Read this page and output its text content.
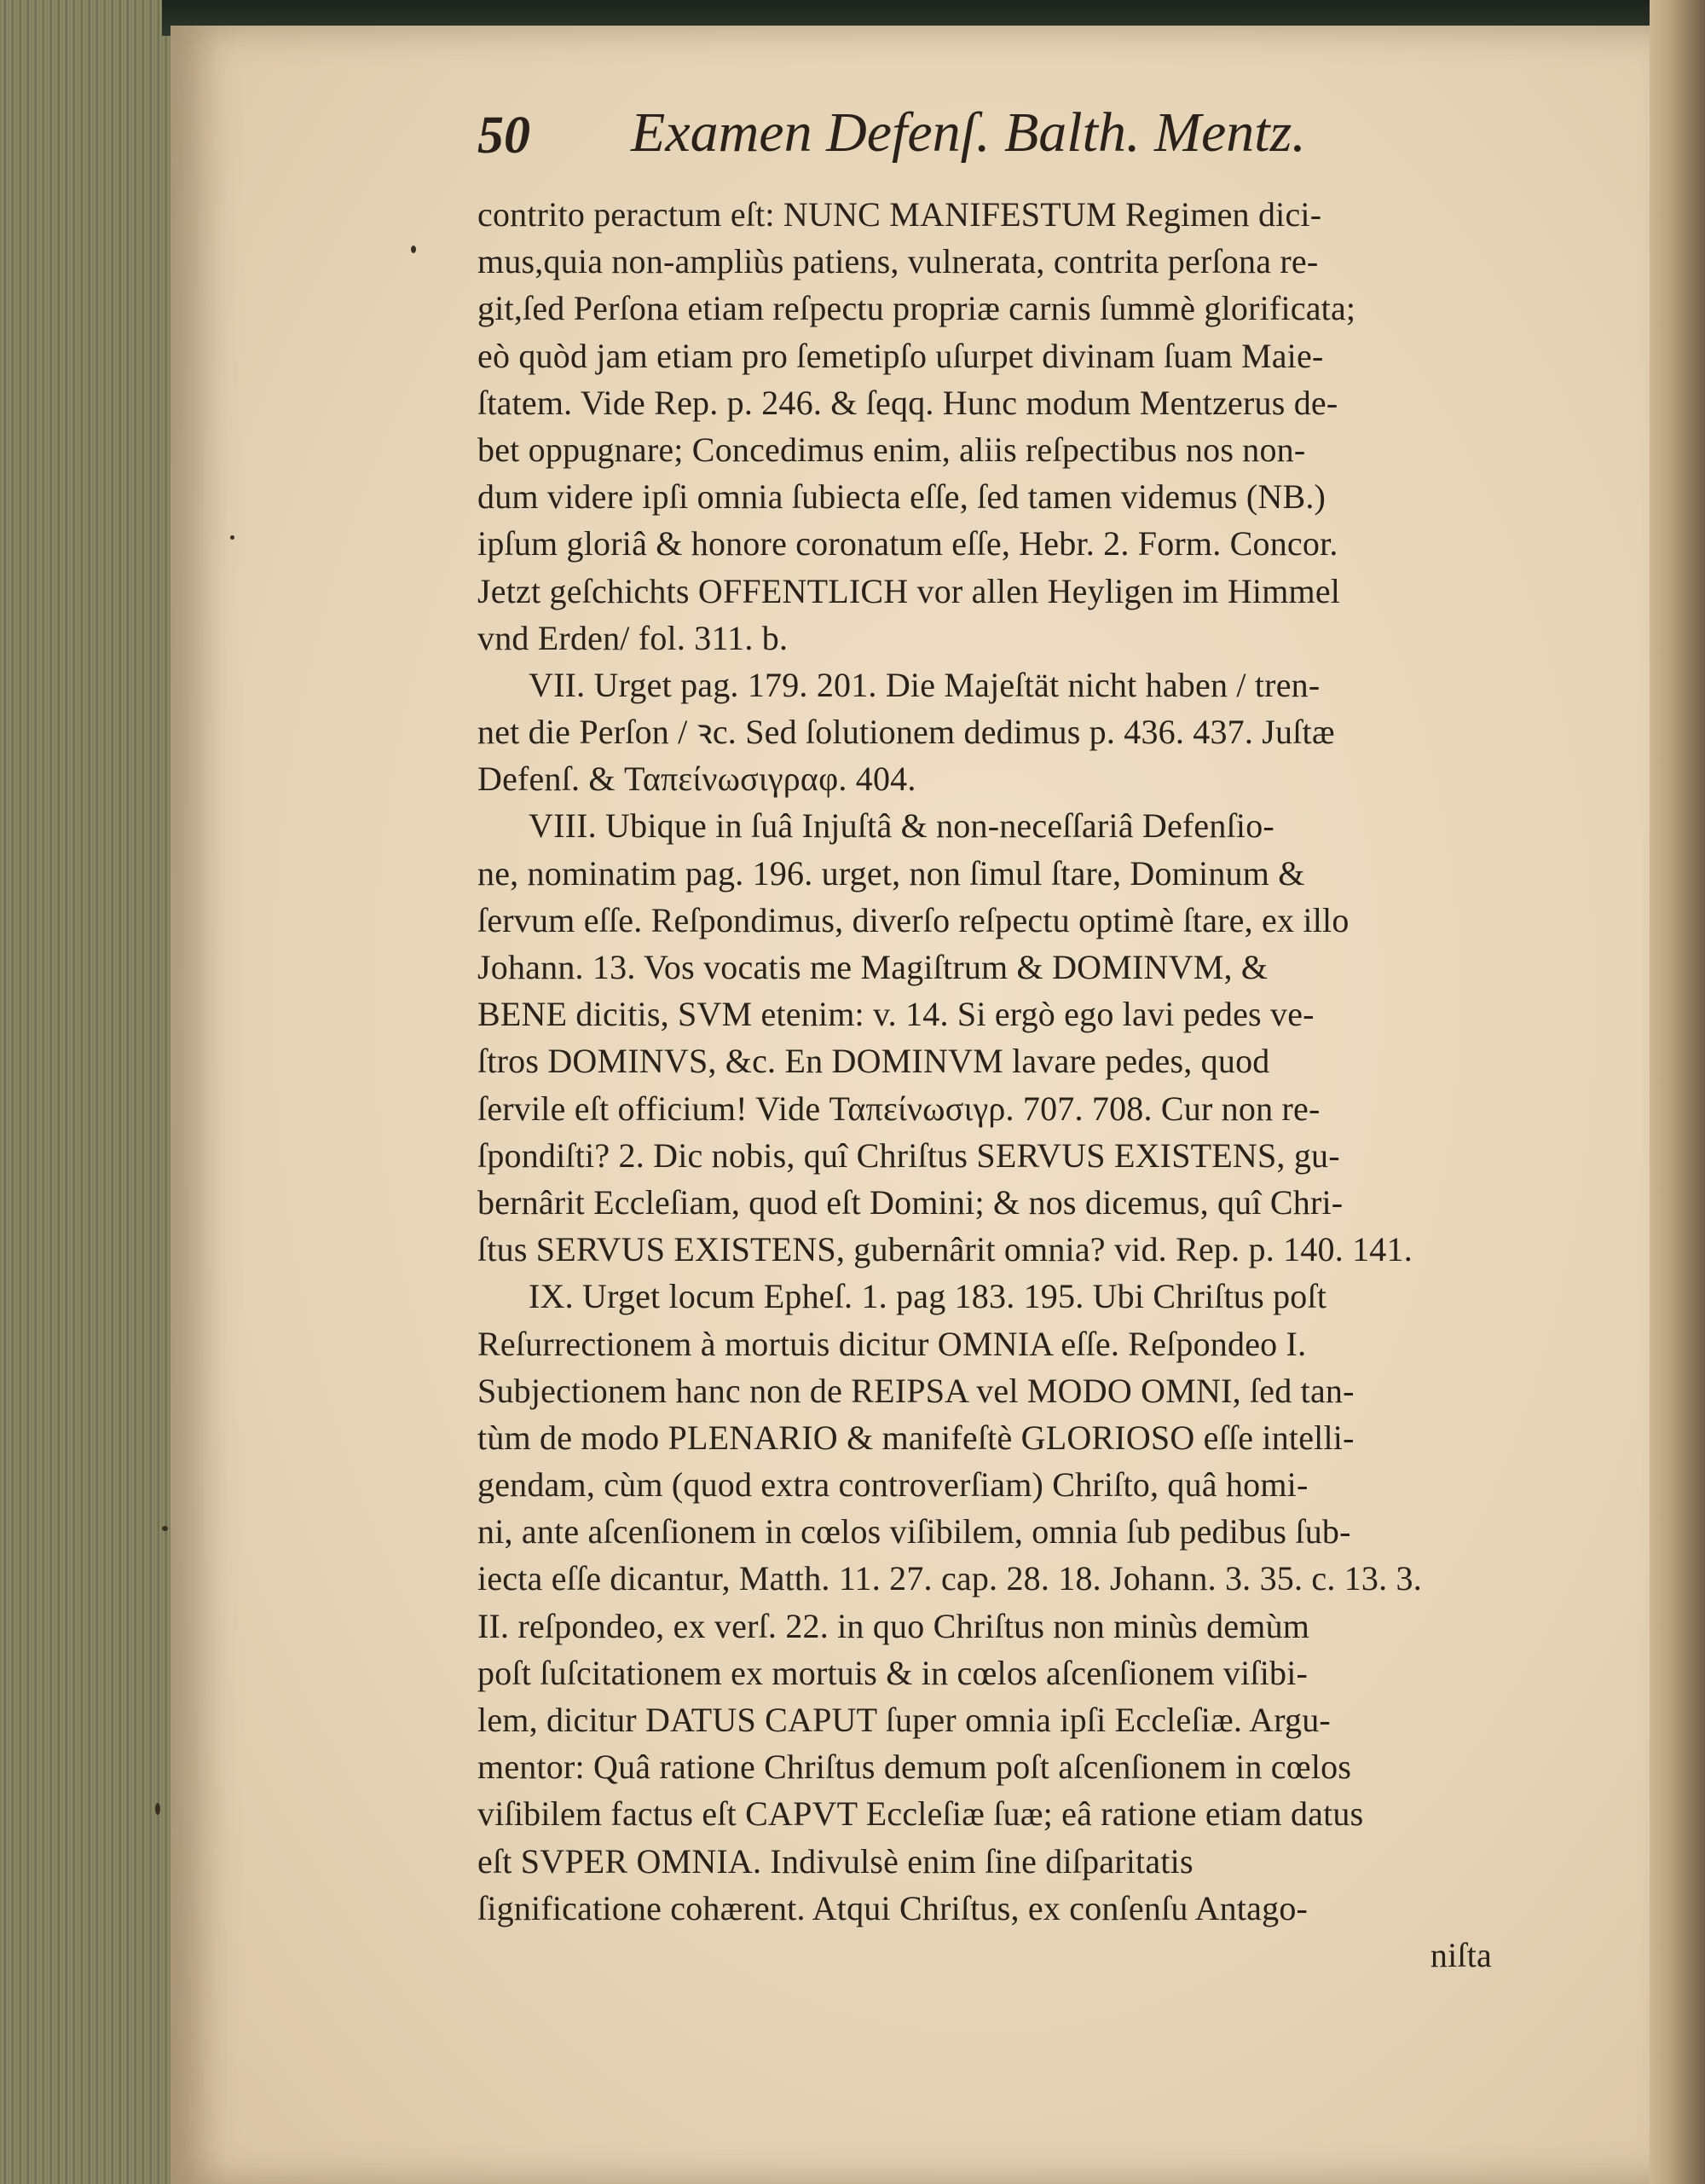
50 Examen Defenſ. Balth. Mentz.
contrito peractum eſt: NUNC MANIFESTUM Regimen dici-
mus,quia non-ampliùs patiens, vulnerata, contrita perſona re-
git,ſed Perſona etiam reſpectu propriæ carnis ſummè glorificata;
eò quòd jam etiam pro ſemetipſo uſurpet divinam ſuam Maie-
ſtatem. Vide Rep. p. 246. & ſeqq. Hunc modum Mentzerus de-
bet oppugnare; Concedimus enim, aliis reſpectibus nos non-
dum videre ipſi omnia ſubiecta eſſe, ſed tamen videmus (NB.)
ipſum gloriâ & honore coronatum eſſe, Hebr. 2. Form. Concor.
Jetzt geſchichts OFFENTLICH vor allen Heyligen im Himmel
vnd Erden/ fol. 311. b.
VII. Urget pag. 179. 201. Die Majeſtät nicht haben / tren-
net die Perſon / ꝛc. Sed ſolutionem dedimus p. 436. 437. Juſtæ
Defenſ. & Ταπείνωσιγραφ. 404.
VIII. Ubique in ſuâ Injuſtâ & non-neceſſariâ Defenſio-
ne, nominatim pag. 196. urget, non ſimul ſtare, Dominum &
ſervum eſſe. Reſpondimus, diverſo reſpectu optimè ſtare, ex illo
Johann. 13. Vos vocatis me Magiſtrum & DOMINVM, &
BENE dicitis, SVM etenim: v. 14. Si ergò ego lavi pedes ve-
ſtros DOMINVS, &c. En DOMINVM lavare pedes, quod
ſervile eſt officium! Vide Ταπείνωσιγρ. 707. 708. Cur non re-
ſpondiſti? 2. Dic nobis, quî Chriſtus SERVUS EXISTENS, gu-
bernârit Eccleſiam, quod eſt Domini; & nos dicemus, quî Chri-
ſtus SERVUS EXISTENS, gubernârit omnia? vid. Rep. p. 140. 141.
IX. Urget locum Epheſ. 1. pag 183. 195. Ubi Chriſtus poſt
Reſurrectionem à mortuis dicitur OMNIA eſſe. Reſpondeo I.
Subjectionem hanc non de REIPSA vel MODO OMNI, ſed tan-
tùm de modo PLENARIO & manifeſtè GLORIOSO eſſe intelli-
gendam, cùm (quod extra controverſiam) Chriſto, quâ homi-
ni, ante aſcenſionem in cœlos viſibilem, omnia ſub pedibus ſub-
iecta eſſe dicantur, Matth. 11. 27. cap. 28. 18. Johann. 3. 35. c. 13. 3.
II. reſpondeo, ex verſ. 22. in quo Chriſtus non minùs demùm
poſt ſuſcitationem ex mortuis & in cœlos aſcenſionem viſibi-
lem, dicitur DATUS CAPUT ſuper omnia ipſi Eccleſiæ. Argu-
mentor: Quâ ratione Chriſtus demum poſt aſcenſionem in cœlos
viſibilem factus eſt CAPVT Eccleſiæ ſuæ; eâ ratione etiam datus
eſt SVPER OMNIA. Indivulsè enim ſine diſparitatis
ſignificatione cohærent. Atqui Chriſtus, ex conſenſu Antago-
niſta
